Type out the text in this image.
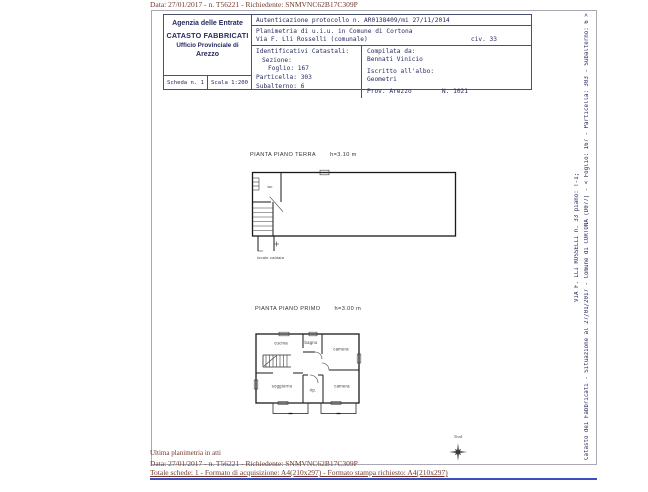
Data: 27/01/2017 - n. T56221 - Richiedente: SNMVNC62B17C309P
Agenzia delle Entrate
CATASTO FABBRICATI
Ufficio Provinciale di
Arezzo
Scheda n. 1	Scala 1:200
Autenticazione protocollo n. AR0138409/mi 27/11/2014
Planimetria di u.i.u. in Comune di Cortona
Via F. Lli Rosselli (comunale)	civ. 33
Identificativi Catastali:
Sezione:
Foglio: 167
Particella: 303
Subalterno: 6
Compilata da:
Bennati Vinicio
Iscritto all'albo:
Geometri
Prov. Arezzo	N. 1021
PIANTA PIANO TERRA	h=3.10 m
wc
locale caldaia
PIANTA PIANO PRIMO	h=3.00 m
cucina	bagno
camera
soggiorno
rip.
camera
Nord	Catasto dei Fabbricati - Situazione al 27/01/2017 - Comune di CORTONA (D077) - < Foglio: 167 - Particella: 303 - Subalterno: 6 >
VIA F. LLI ROSSELLI n. 33 piano: T-1;
Ultima planimetria in atti
Data: 27/01/2017 - n. T56221 - Richiedente: SNMVNC62B17C309P
Totale schede: 1 - Formato di acquisizione: A4(210x297) - Formato stampa richiesto: A4(210x297)
